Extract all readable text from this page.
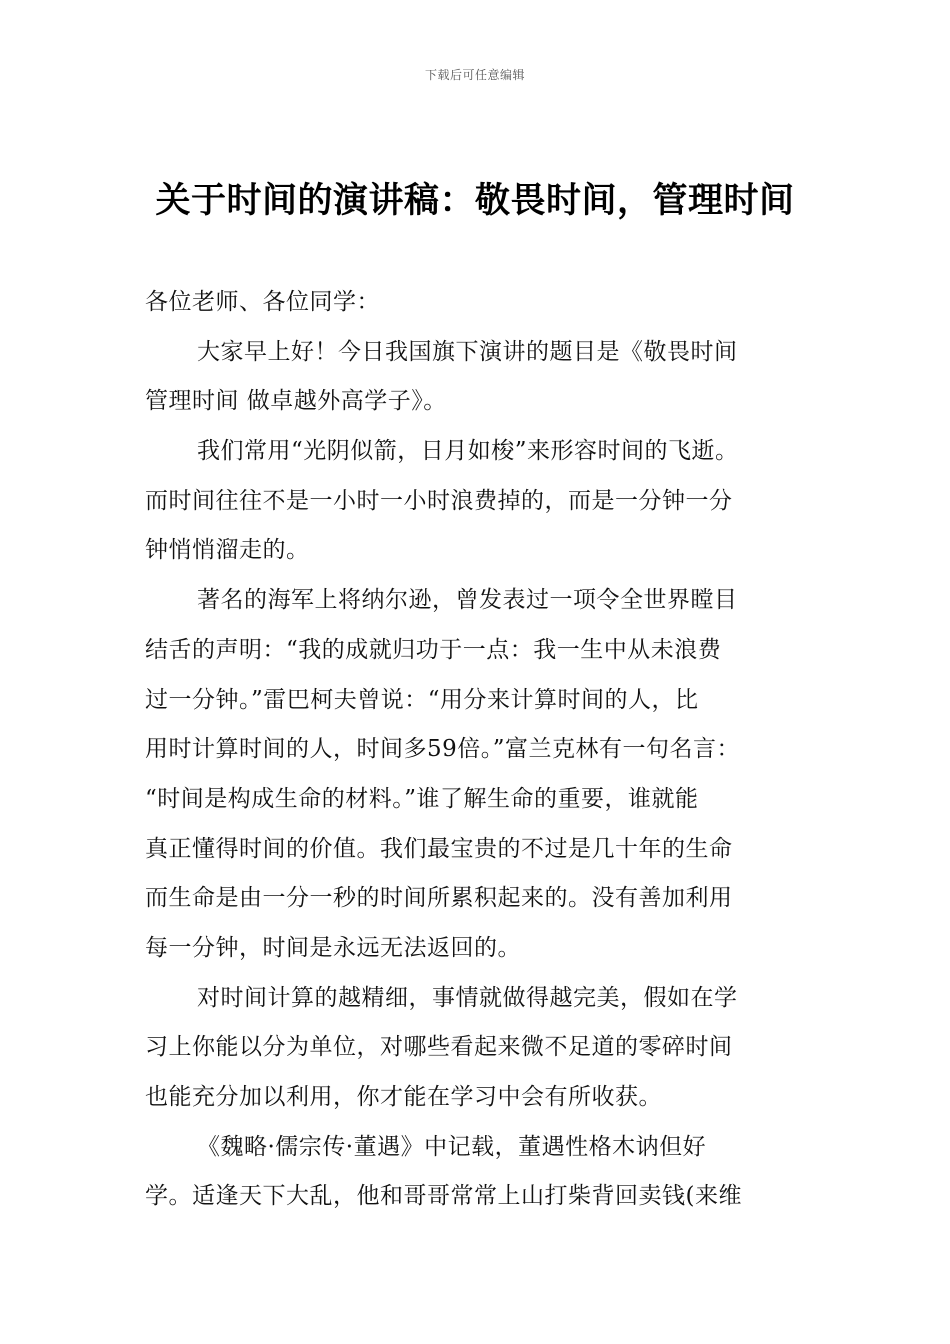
下载后可任意编辑
关于时间的演讲稿：敬畏时间，管理时间
各位老师、各位同学：
大家早上好！今日我国旗下演讲的题目是《敬畏时间
管理时间 做卓越外高学子》。
我们常用“光阴似箭，日月如梭”来形容时间的飞逝。
而时间往往不是一小时一小时浪费掉的，而是一分钟一分
钟悄悄溜走的。
著名的海军上将纳尔逊，曾发表过一项令全世界瞠目
结舌的声明：“我的成就归功于一点：我一生中从未浪费
过一分钟。”雷巴柯夫曾说：“用分来计算时间的人，比
用时计算时间的人，时间多59倍。”富兰克林有一句名言：
“时间是构成生命的材料。”谁了解生命的重要，谁就能
真正懂得时间的价值。我们最宝贵的不过是几十年的生命
而生命是由一分一秒的时间所累积起来的。没有善加利用
每一分钟，时间是永远无法返回的。
对时间计算的越精细，事情就做得越完美，假如在学
习上你能以分为单位，对哪些看起来微不足道的零碎时间
也能充分加以利用，你才能在学习中会有所收获。
《魏略·儒宗传·董遇》中记载，董遇性格木讷但好
学。适逢天下大乱，他和哥哥常常上山打柴背回卖钱(来维
